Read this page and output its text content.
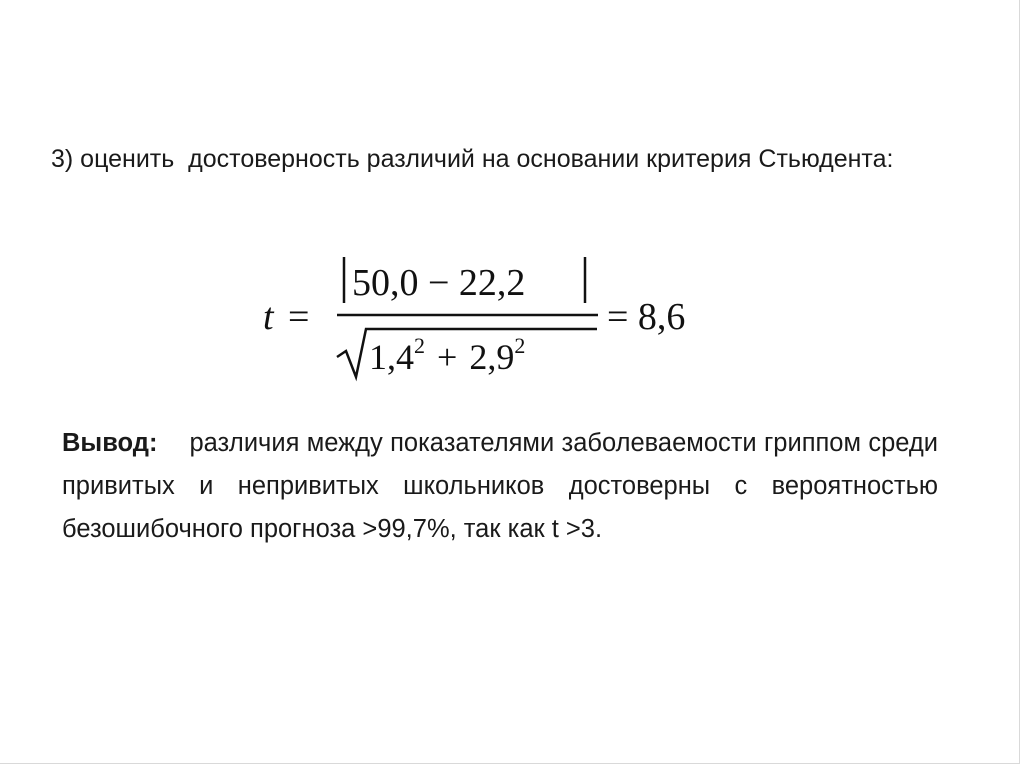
3) оценить  достоверность различий на основании критерия Стьюдента:
t =
50,0 − 22,2
$1,4^2 + 2,9^2$
= 8,6
Вывод: различия между показателями заболеваемости гриппом среди привитых и непривитых школьников достоверны с вероятностью безошибочного прогноза >99,7%, так как t >3.
